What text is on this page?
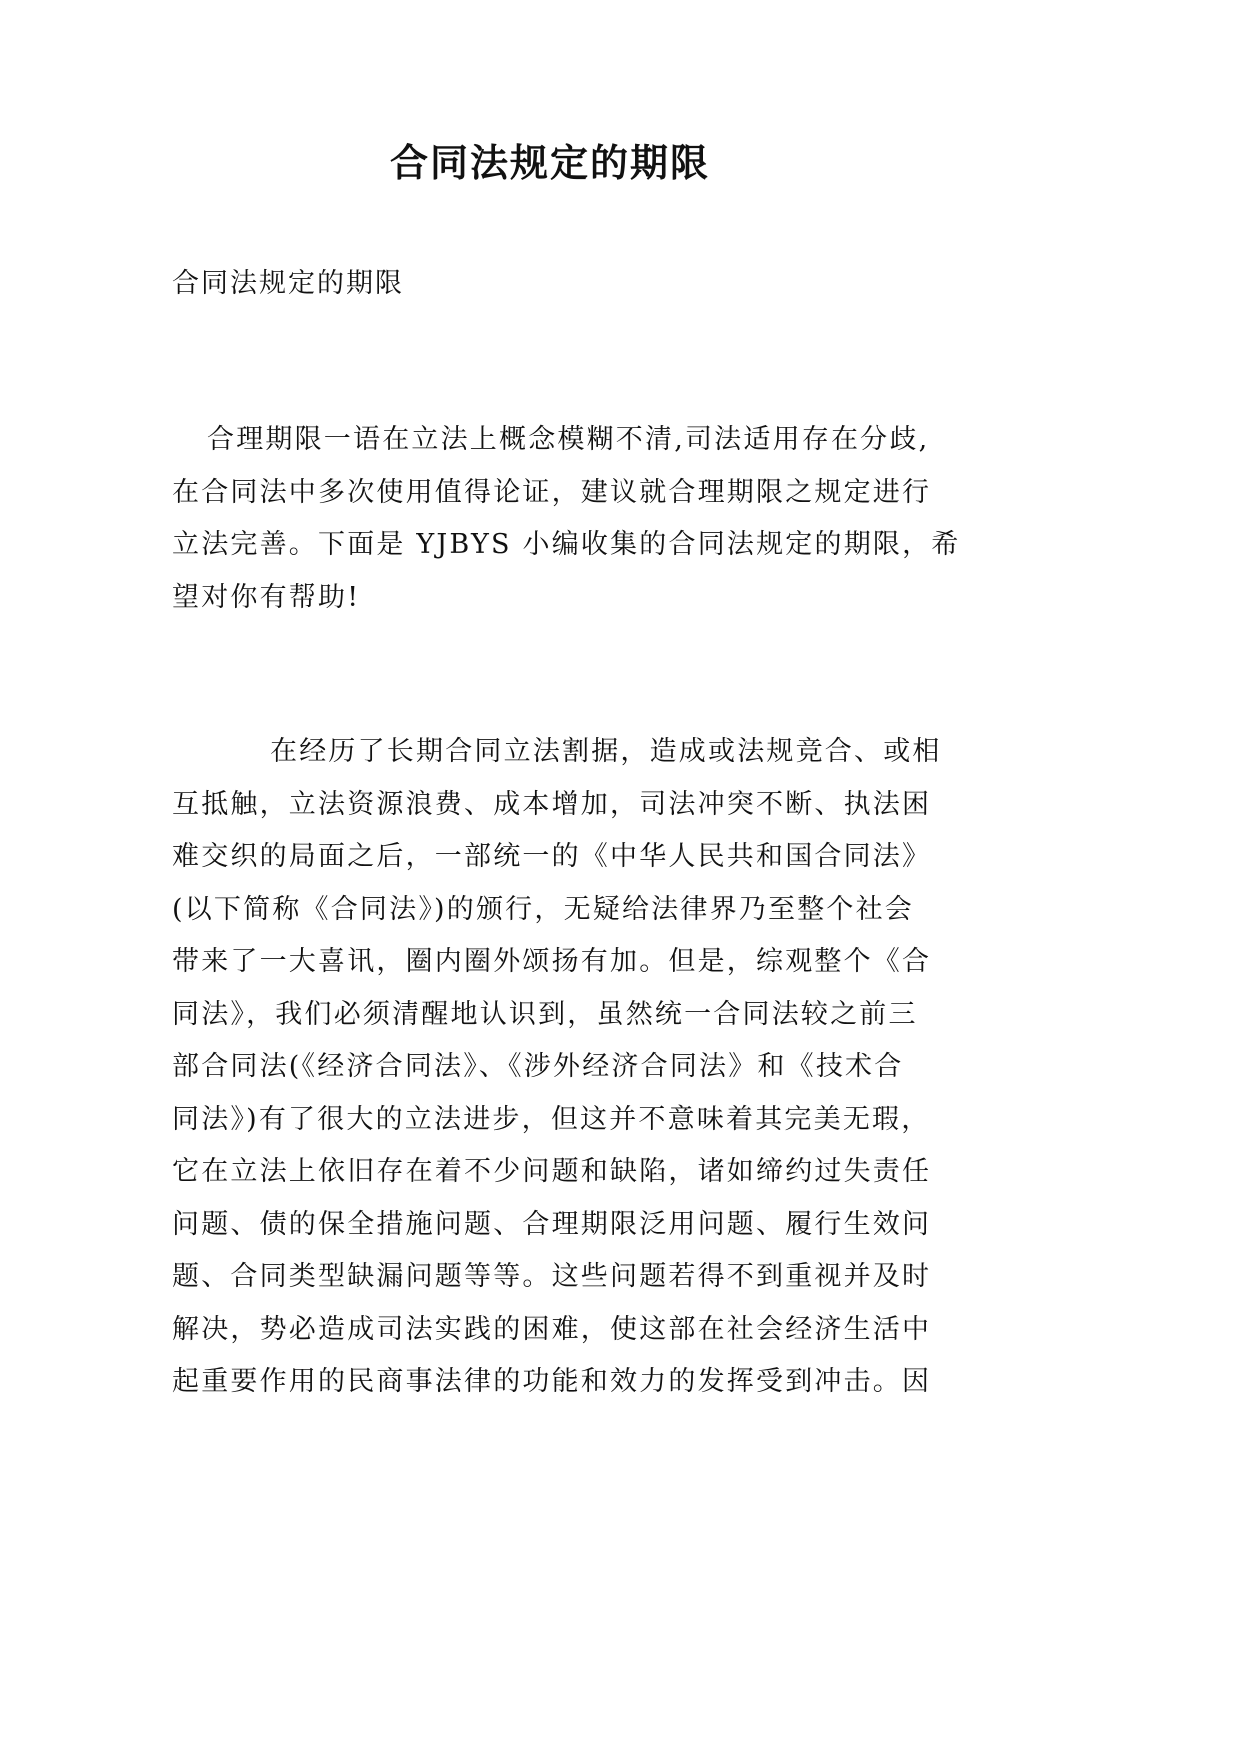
合同法规定的期限
合同法规定的期限
合理期限一语在立法上概念模糊不清,司法适用存在分歧,
在合同法中多次使用值得论证，建议就合理期限之规定进行
立法完善。下面是 YJBYS 小编收集的合同法规定的期限，希
望对你有帮助!
在经历了长期合同立法割据，造成或法规竞合、或相
互抵触，立法资源浪费、成本增加，司法冲突不断、执法困
难交织的局面之后，一部统一的《中华人民共和国合同法》
(以下简称《合同法》)的颁行，无疑给法律界乃至整个社会
带来了一大喜讯，圈内圈外颂扬有加。但是，综观整个《合
同法》，我们必须清醒地认识到，虽然统一合同法较之前三
部合同法(《经济合同法》、《涉外经济合同法》和《技术合
同法》)有了很大的立法进步，但这并不意味着其完美无瑕，
它在立法上依旧存在着不少问题和缺陷，诸如缔约过失责任
问题、债的保全措施问题、合理期限泛用问题、履行生效问
题、合同类型缺漏问题等等。这些问题若得不到重视并及时
解决，势必造成司法实践的困难，使这部在社会经济生活中
起重要作用的民商事法律的功能和效力的发挥受到冲击。因
